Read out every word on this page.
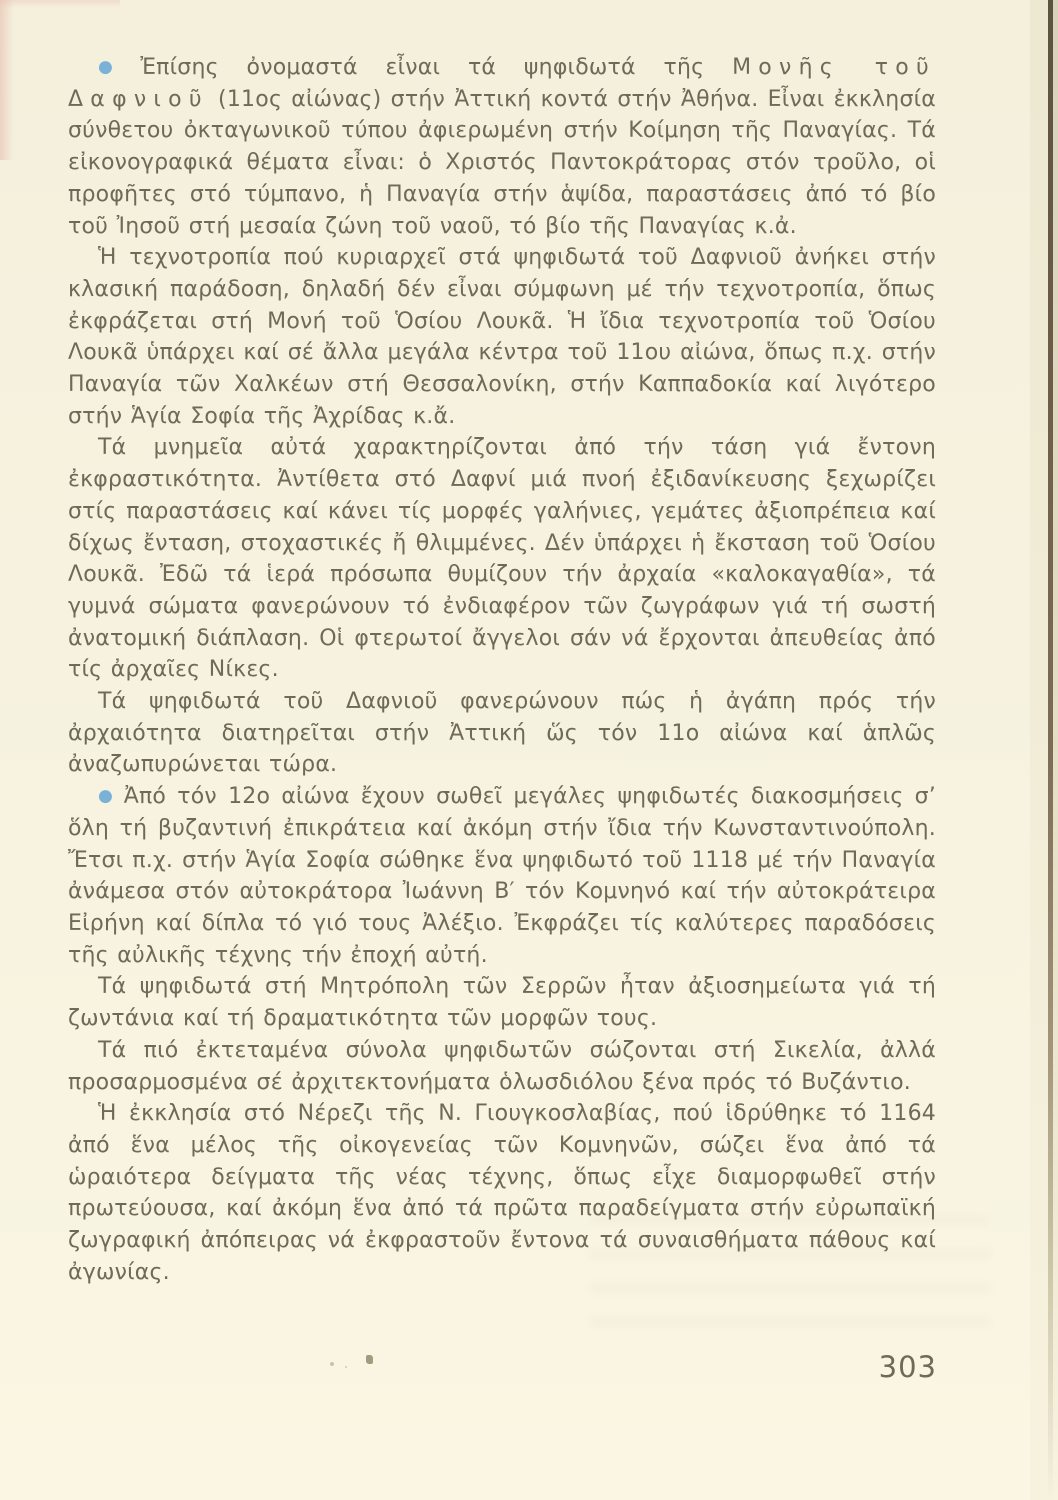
● Ἐπίσης ὀνομαστά εἶναι τά ψηφιδωτά τῆς Μονῆς τοῦ Δαφνιοῦ (11ος αἰώνας) στήν Ἀττική κοντά στήν Ἀθήνα. Εἶναι ἐκκλησία σύνθετου ὀκταγωνικοῦ τύπου ἀφιερωμένη στήν Κοίμηση τῆς Παναγίας. Τά εἰκονογραφικά θέματα εἶναι: ὁ Χριστός Παντοκράτορας στόν τροῦλο, οἱ προφῆτες στό τύμπανο, ἡ Παναγία στήν ἁψίδα, παραστάσεις ἀπό τό βίο τοῦ Ἰησοῦ στή μεσαία ζώνη τοῦ ναοῦ, τό βίο τῆς Παναγίας κ.ἀ.

Ἡ τεχνοτροπία πού κυριαρχεῖ στά ψηφιδωτά τοῦ Δαφνιοῦ ἀνήκει στήν κλασική παράδοση, δηλαδή δέν εἶναι σύμφωνη μέ τήν τεχνοτροπία, ὅπως ἐκφράζεται στή Μονή τοῦ Ὁσίου Λουκᾶ. Ἡ ἴδια τεχνοτροπία τοῦ Ὁσίου Λουκᾶ ὑπάρχει καί σέ ἄλλα μεγάλα κέντρα τοῦ 11ου αἰώνα, ὅπως π.χ. στήν Παναγία τῶν Χαλκέων στή Θεσσαλονίκη, στήν Καππαδοκία καί λιγότερο στήν Ἁγία Σοφία τῆς Ἀχρίδας κ.ἄ.

Τά μνημεῖα αὐτά χαρακτηρίζονται ἀπό τήν τάση γιά ἔντονη ἐκφραστικότητα. Ἀντίθετα στό Δαφνί μιά πνοή ἐξιδανίκευσης ξεχωρίζει στίς παραστάσεις καί κάνει τίς μορφές γαλήνιες, γεμάτες ἀξιοπρέπεια καί δίχως ἔνταση, στοχαστικές ἤ θλιμμένες. Δέν ὑπάρχει ἡ ἔκσταση τοῦ Ὁσίου Λουκᾶ. Ἐδῶ τά ἱερά πρόσωπα θυμίζουν τήν ἀρχαία «καλοκαγαθία», τά γυμνά σώματα φανερώνουν τό ἐνδιαφέρον τῶν ζωγράφων γιά τή σωστή ἀνατομική διάπλαση. Οἱ φτερωτοί ἄγγελοι σάν νά ἔρχονται ἀπευθείας ἀπό τίς ἀρχαῖες Νίκες.

Τά ψηφιδωτά τοῦ Δαφνιοῦ φανερώνουν πώς ἡ ἀγάπη πρός τήν ἀρχαιότητα διατηρεῖται στήν Ἀττική ὥς τόν 11ο αἰώνα καί ἁπλῶς ἀναζωπυρώνεται τώρα.

● Ἀπό τόν 12ο αἰώνα ἔχουν σωθεῖ μεγάλες ψηφιδωτές διακοσμήσεις σ’ ὅλη τή βυζαντινή ἐπικράτεια καί ἀκόμη στήν ἴδια τήν Κωνσταντινούπολη. Ἔτσι π.χ. στήν Ἁγία Σοφία σώθηκε ἕνα ψηφιδωτό τοῦ 1118 μέ τήν Παναγία ἀνάμεσα στόν αὐτοκράτορα Ἰωάννη Β′ τόν Κομνηνό καί τήν αὐτοκράτειρα Εἰρήνη καί δίπλα τό γιό τους Ἀλέξιο. Ἐκφράζει τίς καλύτερες παραδόσεις τῆς αὐλικῆς τέχνης τήν ἐποχή αὐτή.

Τά ψηφιδωτά στή Μητρόπολη τῶν Σερρῶν ἦταν ἀξιοσημείωτα γιά τή ζωντάνια καί τή δραματικότητα τῶν μορφῶν τους.

Τά πιό ἐκτεταμένα σύνολα ψηφιδωτῶν σώζονται στή Σικελία, ἀλλά προσαρμοσμένα σέ ἀρχιτεκτονήματα ὁλωσδιόλου ξένα πρός τό Βυζάντιο.

Ἡ ἐκκλησία στό Νέρεζι τῆς Ν. Γιουγκοσλαβίας, πού ἱδρύθηκε τό 1164 ἀπό ἕνα μέλος τῆς οἰκογενείας τῶν Κομνηνῶν, σώζει ἕνα ἀπό τά ὡραιότερα δείγματα τῆς νέας τέχνης, ὅπως εἶχε διαμορφωθεῖ στήν πρωτεύουσα, καί ἀκόμη ἕνα ἀπό τά πρῶτα παραδείγματα στήν εὐρωπαϊκή ζωγραφική ἀπόπειρας νά ἐκφραστοῦν ἔντονα τά συναισθήματα πάθους καί ἀγωνίας.

303
